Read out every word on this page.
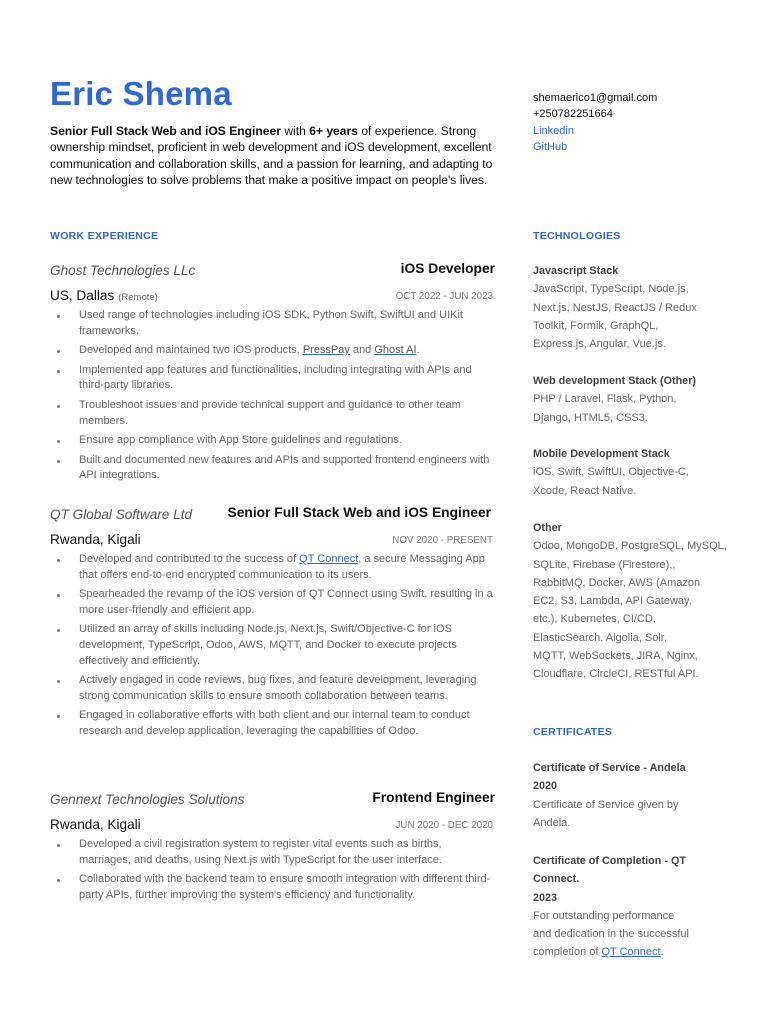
Eric Shema
Senior Full Stack Web and iOS Engineer with 6+ years of experience. Strong ownership mindset, proficient in web development and iOS development, excellent communication and collaboration skills, and a passion for learning, and adapting to new technologies to solve problems that make a positive impact on people's lives.
shemaerico1@gmail.com
+250782251664
Linkedin
GitHub
WORK EXPERIENCE	TECHNOLOGIES
CERTIFICATES
Ghost Technologies LLc	iOS Developer
US, Dallas (Remote)	OCT 2022 - JUN 2023
Used range of technologies including iOS SDK, Python Swift, SwiftUI and UIKit frameworks.
Developed and maintained two iOS products, PressPay and Ghost AI.
Implemented app features and functionalities, including integrating with APIs and third-party libraries.
Troubleshoot issues and provide technical support and guidance to other team members.
Ensure app compliance with App Store guidelines and regulations.
Built and documented new features and APIs and supported frontend engineers with API integrations.
QT Global Software Ltd	Senior Full Stack Web and iOS Engineer
Rwanda, Kigali	NOV 2020 - PRESENT
Developed and contributed to the success of QT Connect, a secure Messaging App that offers end-to-end encrypted communication to its users.
Spearheaded the revamp of the iOS version of QT Connect using Swift, resulting in a more user-friendly and efficient app.
Utilized an array of skills including Node.js, Next.js, Swift/Objective-C for iOS development, TypeScript, Odoo, AWS, MQTT, and Docker to execute projects effectively and efficiently.
Actively engaged in code reviews, bug fixes, and feature development, leveraging strong communication skills to ensure smooth collaboration between teams.
Engaged in collaborative efforts with both client and our internal team to conduct research and develop application, leveraging the capabilities of Odoo.
Gennext Technologies Solutions	Frontend Engineer
Rwanda, Kigali	JUN 2020 - DEC 2020
Developed a civil registration system to register vital events such as births, marriages, and deaths, using Next.js with TypeScript for the user interface.
Collaborated with the backend team to ensure smooth integration with different third- party APIs, further improving the system's efficiency and functionality.
Javascript Stack
JavaScript, TypeScript, Node.js,
Next.js, NestJS, ReactJS / Redux
Toolkit, Formik, GraphQL,
Express.js, Angular, Vue.js.
Web development Stack (Other)
PHP / Laravel, Flask, Python,
Django, HTML5, CSS3.
Mobile Development Stack
iOS, Swift, SwiftUI, Objective-C,
Xcode, React Native.
Other
Odoo, MongoDB, PostgreSQL, MySQL,
SQLite, Firebase (Firestore),,
RabbitMQ, Docker, AWS (Amazon
EC2, S3, Lambda, API Gateway,
etc.), Kubernetes, CI/CD,
ElasticSearch, Algolia, Solr,
MQTT, WebSockets, JIRA, Nginx,
Cloudflare, CircleCI, RESTful API.
Certificate of Service - Andela
2020
Certificate of Service given by
Andela.
Certificate of Completion - QT
Connect.
2023
For outstanding performance
and dedication in the successful
completion of QT Connect.
